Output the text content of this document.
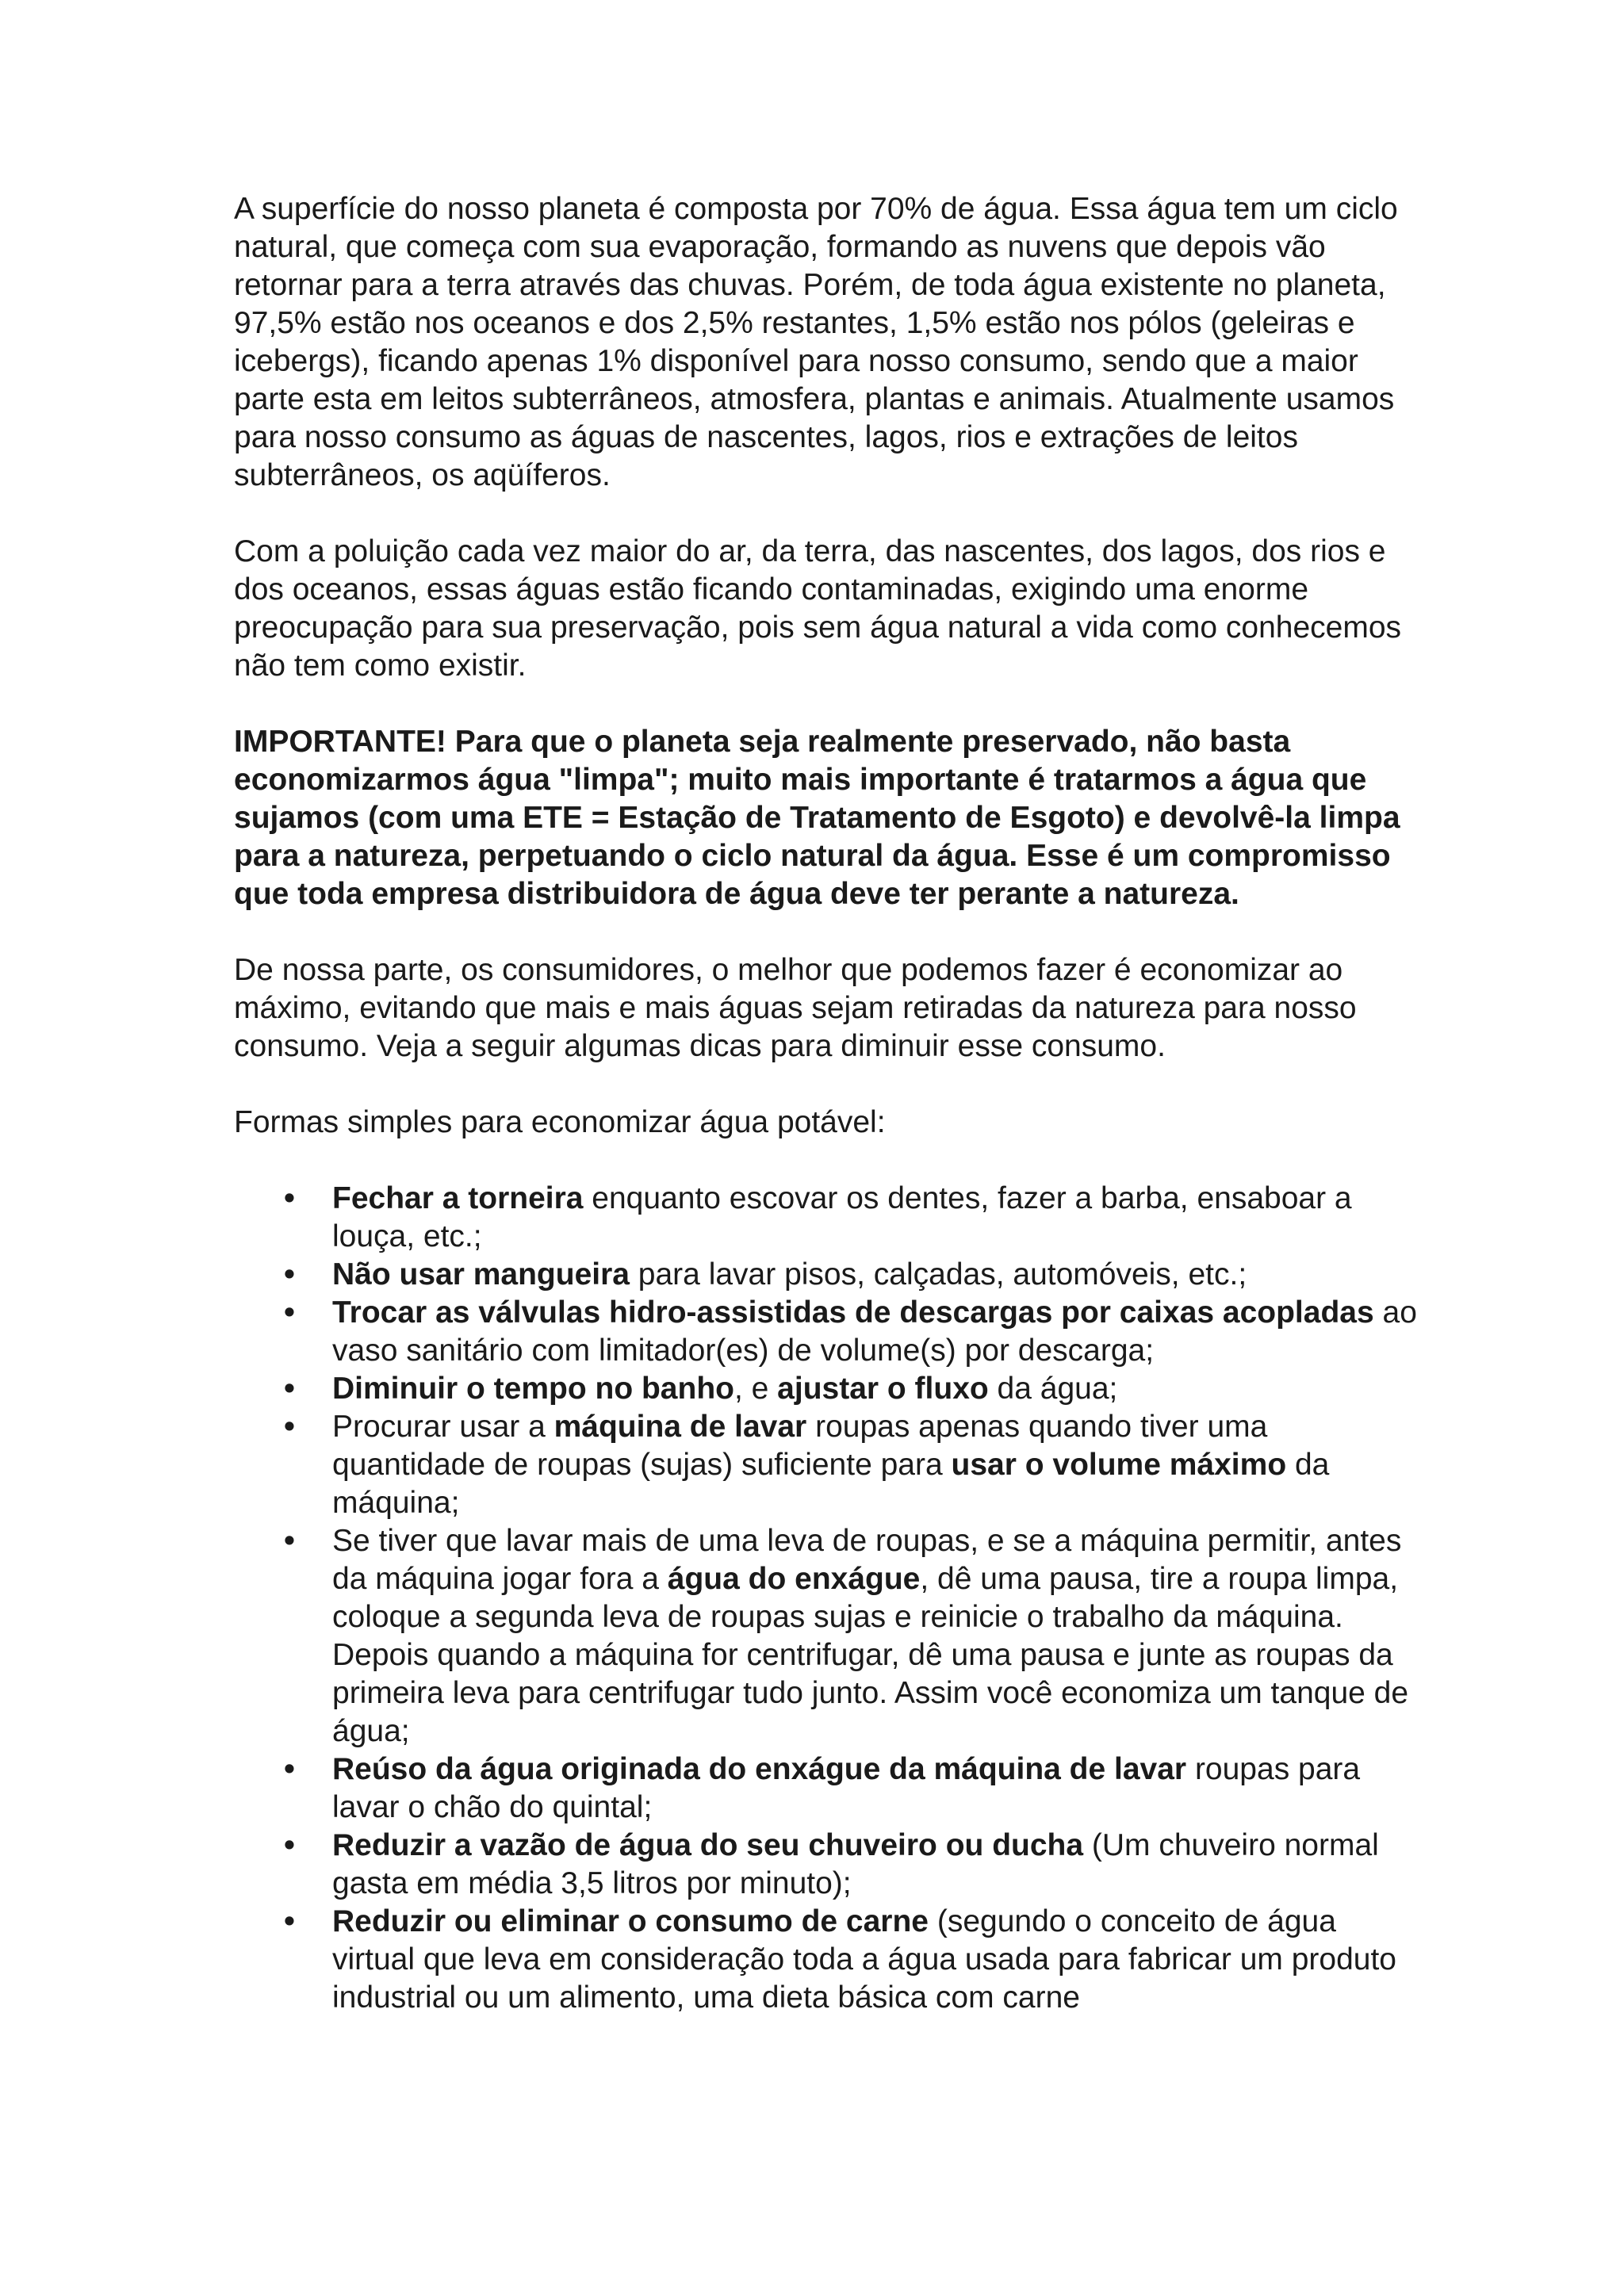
A superfície do nosso planeta é composta por 70% de água. Essa água tem um ciclo natural, que começa com sua evaporação, formando as nuvens que depois vão retornar para a terra através das chuvas. Porém, de toda água existente no planeta, 97,5% estão nos oceanos e dos 2,5% restantes, 1,5% estão nos pólos (geleiras e icebergs), ficando apenas 1% disponível para nosso consumo, sendo que a maior parte esta em leitos subterrâneos, atmosfera, plantas e animais. Atualmente usamos para nosso consumo as águas de nascentes, lagos, rios e extrações de leitos subterrâneos, os aqüíferos.

Com a poluição cada vez maior do ar, da terra, das nascentes, dos lagos, dos rios e dos oceanos, essas águas estão ficando contaminadas, exigindo uma enorme preocupação para sua preservação, pois sem água natural a vida como conhecemos não tem como existir.

IMPORTANTE! Para que o planeta seja realmente preservado, não basta economizarmos água "limpa"; muito mais importante é tratarmos a água que sujamos (com uma ETE = Estação de Tratamento de Esgoto) e devolvê-la limpa para a natureza, perpetuando o ciclo natural da água. Esse é um compromisso que toda empresa distribuidora de água deve ter perante a natureza.

De nossa parte, os consumidores, o melhor que podemos fazer é economizar ao máximo, evitando que mais e mais águas sejam retiradas da natureza para nosso consumo. Veja a seguir algumas dicas para diminuir esse consumo.

Formas simples para economizar água potável:

• Fechar a torneira enquanto escovar os dentes, fazer a barba, ensaboar a louça, etc.;
• Não usar mangueira para lavar pisos, calçadas, automóveis, etc.;
• Trocar as válvulas hidro-assistidas de descargas por caixas acopladas ao vaso sanitário com limitador(es) de volume(s) por descarga;
• Diminuir o tempo no banho, e ajustar o fluxo da água;
• Procurar usar a máquina de lavar roupas apenas quando tiver uma quantidade de roupas (sujas) suficiente para usar o volume máximo da máquina;
• Se tiver que lavar mais de uma leva de roupas, e se a máquina permitir, antes da máquina jogar fora a água do enxágue, dê uma pausa, tire a roupa limpa, coloque a segunda leva de roupas sujas e reinicie o trabalho da máquina. Depois quando a máquina for centrifugar, dê uma pausa e junte as roupas da primeira leva para centrifugar tudo junto. Assim você economiza um tanque de água;
• Reúso da água originada do enxágue da máquina de lavar roupas para lavar o chão do quintal;
• Reduzir a vazão de água do seu chuveiro ou ducha (Um chuveiro normal gasta em média 3,5 litros por minuto);
• Reduzir ou eliminar o consumo de carne (segundo o conceito de água virtual que leva em consideração toda a água usada para fabricar um produto industrial ou um alimento, uma dieta básica com carne
